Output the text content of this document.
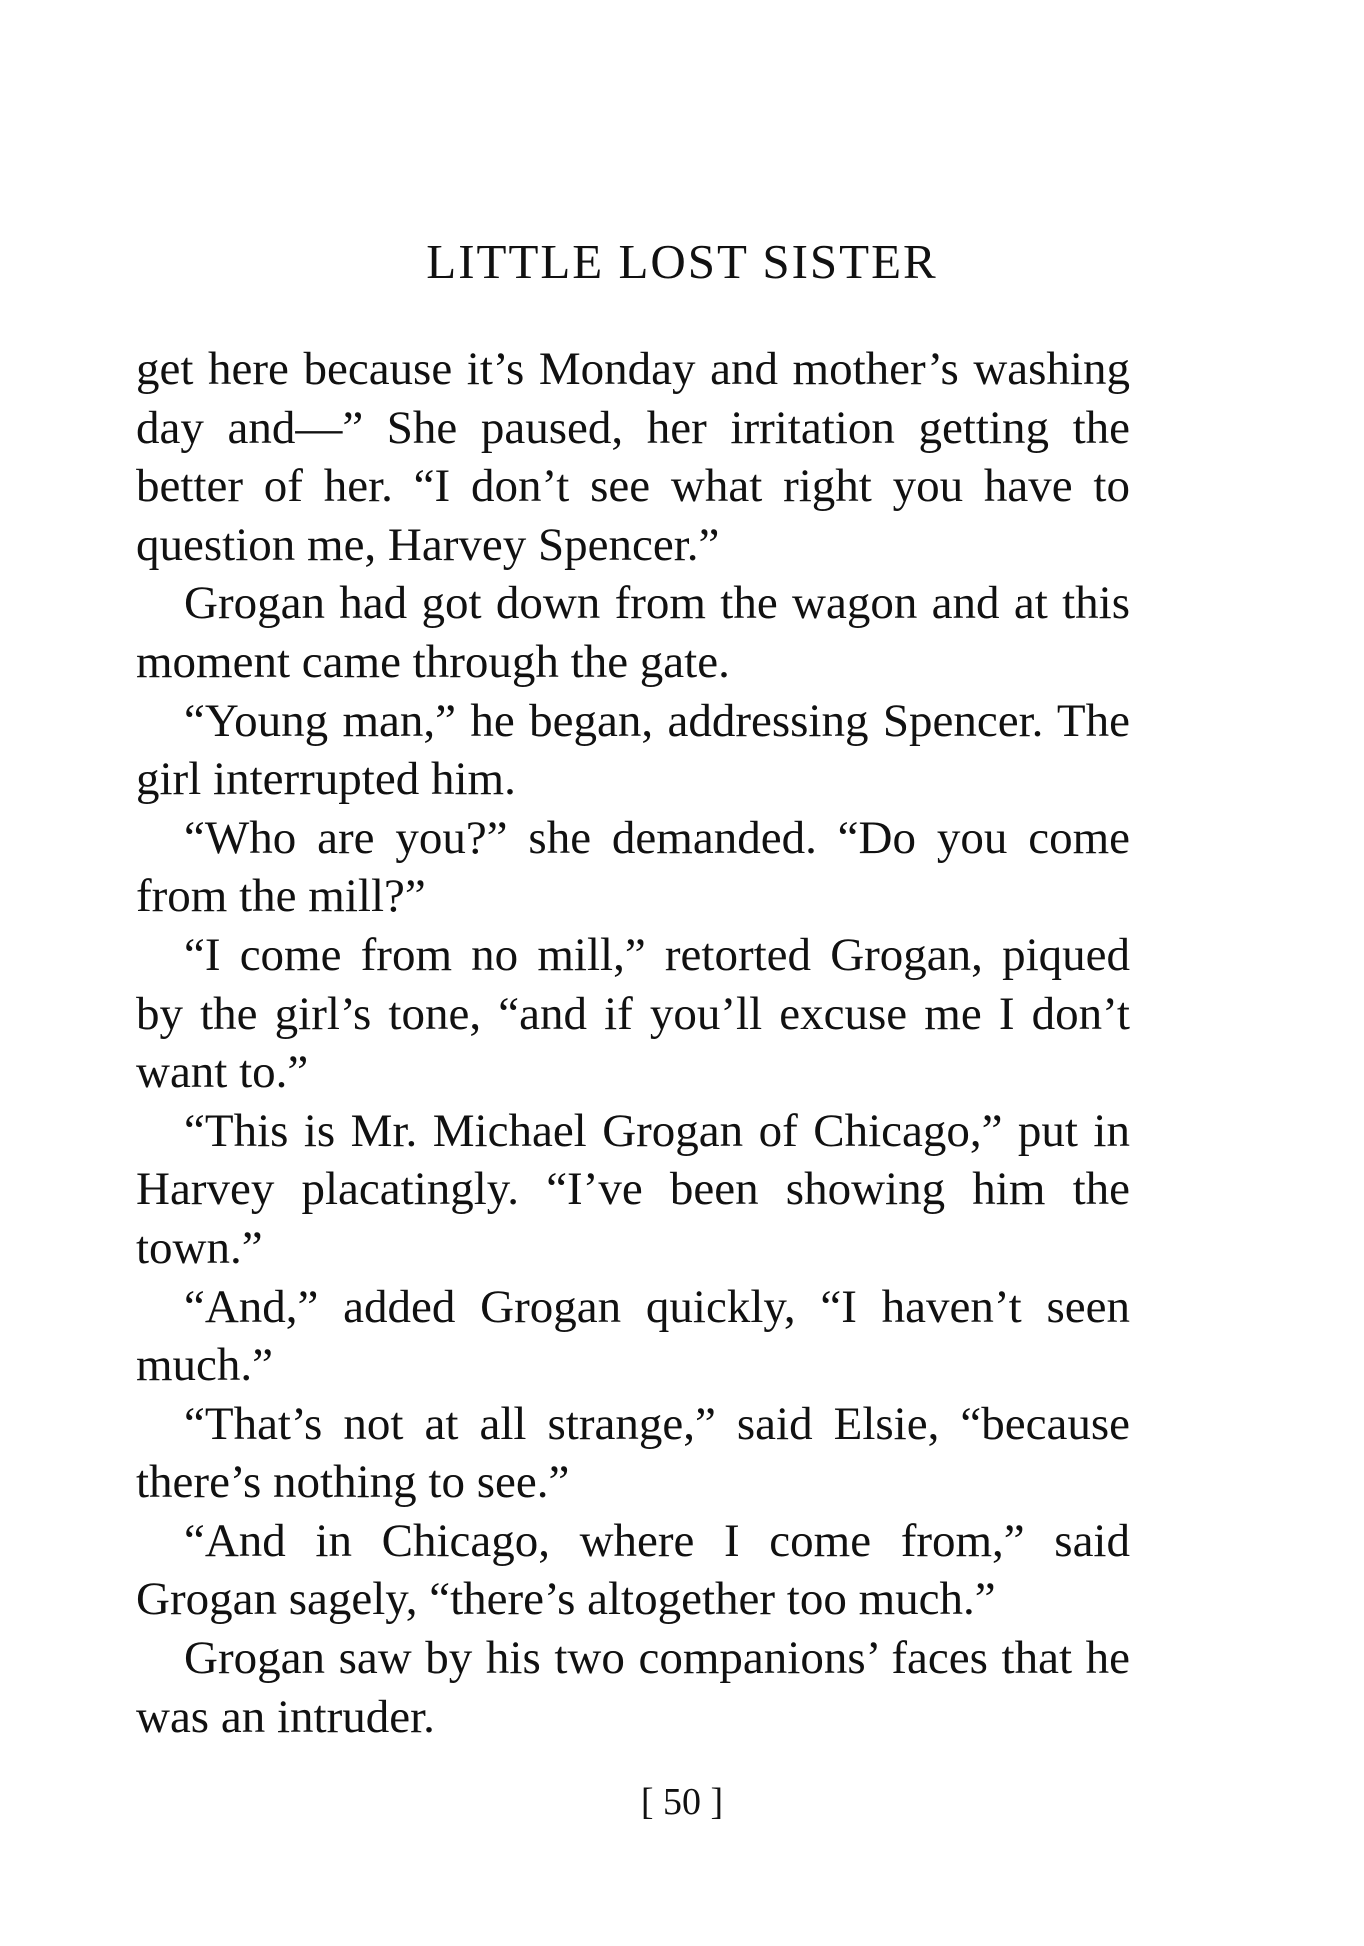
LITTLE LOST SISTER

get here because it’s Monday and mother’s washing day and—” She paused, her irritation getting the better of her. “I don’t see what right you have to question me, Harvey Spencer.”

Grogan had got down from the wagon and at this moment came through the gate.

“Young man,” he began, addressing Spencer. The girl interrupted him.

“Who are you?” she demanded. “Do you come from the mill?”

“I come from no mill,” retorted Grogan, piqued by the girl’s tone, “and if you’ll excuse me I don’t want to.”

“This is Mr. Michael Grogan of Chicago,” put in Harvey placatingly. “I’ve been showing him the town.”

“And,” added Grogan quickly, “I haven’t seen much.”

“That’s not at all strange,” said Elsie, “because there’s nothing to see.”

“And in Chicago, where I come from,” said Grogan sagely, “there’s altogether too much.”

Grogan saw by his two companions’ faces that he was an intruder.

[ 50 ]
